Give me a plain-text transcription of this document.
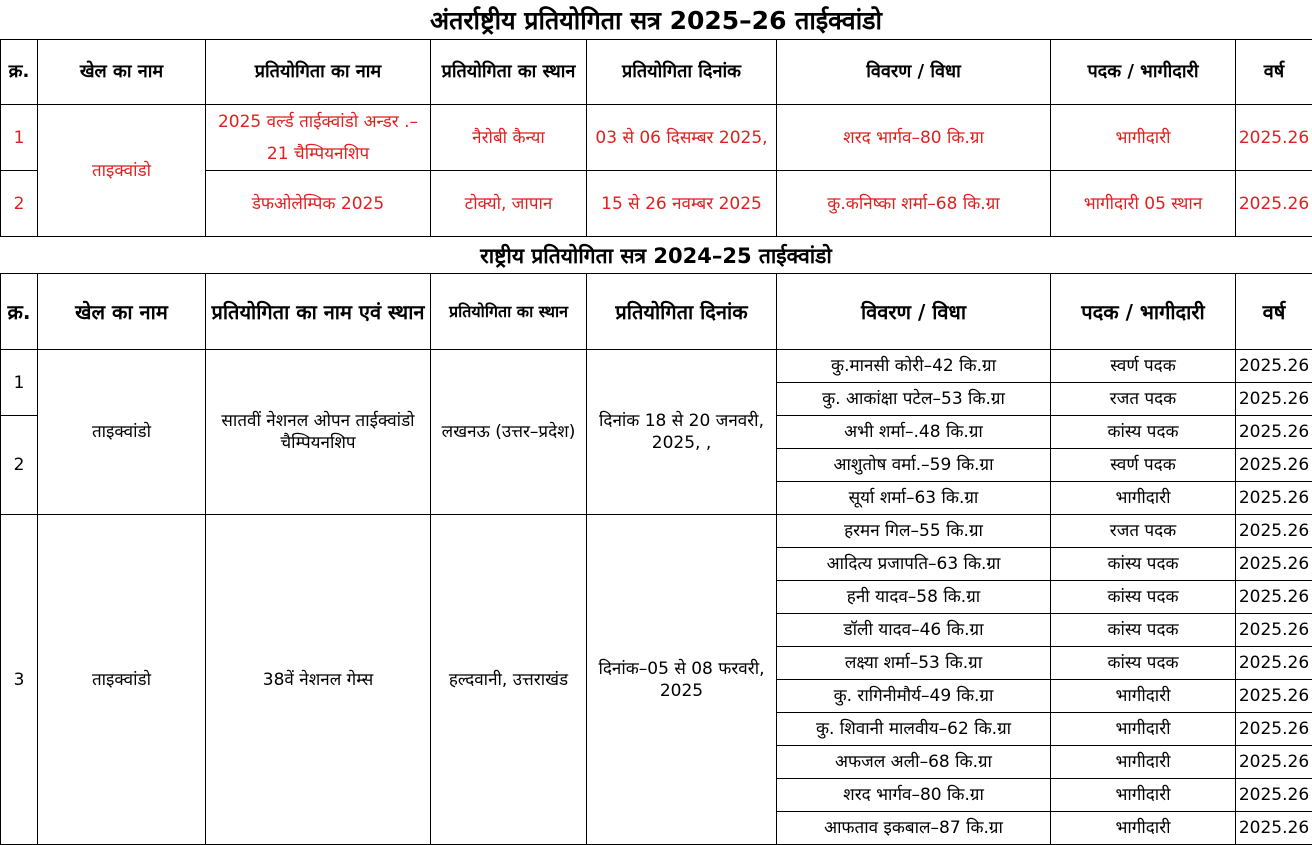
अंतर्राष्ट्रीय प्रतियोगिता सत्र 2025–26 ताईक्वांडो
क्र.	खेल का नाम	प्रतियोगिता का नाम	प्रतियोगिता का स्थान	प्रतियोगिता दिनांक	विवरण / विधा	पदक / भागीदारी	वर्ष
1	ताइक्वांडो	2025 वर्ल्ड ताईक्वांडो अन्डर .–21 चैम्पियनशिप	नैरोबी कैन्या	03 से 06 दिसम्बर 2025,	शरद भार्गव–80 कि.ग्रा	भागीदारी	2025.26
2		डेफओलेम्पिक 2025	टोक्यो, जापान	15 से 26 नवम्बर 2025	कु.कनिष्का शर्मा–68 कि.ग्रा	भागीदारी 05 स्थान	2025.26
राष्ट्रीय प्रतियोगिता सत्र 2024–25 ताईक्वांडो
क्र.	खेल का नाम	प्रतियोगिता का नाम एवं स्थान	प्रतियोगिता का स्थान	प्रतियोगिता दिनांक	विवरण / विधा	पदक / भागीदारी	वर्ष
1	ताइक्वांडो	सातवीं नेशनल ओपन ताईक्वांडो चैम्पियनशिप	लखनऊ (उत्तर–प्रदेश)	दिनांक 18 से 20 जनवरी, 2025, ,	कु.मानसी कोरी–42 कि.ग्रा	स्वर्ण पदक	2025.26
					कु. आकांक्षा पटेल–53 कि.ग्रा	रजत पदक	2025.26
2					अभी शर्मा–.48 कि.ग्रा	कांस्य पदक	2025.26
					आशुतोष वर्मा.–59 कि.ग्रा	स्वर्ण पदक	2025.26
					सूर्या शर्मा–63 कि.ग्रा	भागीदारी	2025.26
3	ताइक्वांडो	38वें नेशनल गेम्स	हल्दवानी, उत्तराखंड	दिनांक–05 से 08 फरवरी, 2025	हरमन गिल–55 कि.ग्रा	रजत पदक	2025.26
					आदित्य प्रजापति–63 कि.ग्रा	कांस्य पदक	2025.26
					हनी यादव–58 कि.ग्रा	कांस्य पदक	2025.26
					डॉली यादव–46 कि.ग्रा	कांस्य पदक	2025.26
					लक्ष्या शर्मा–53 कि.ग्रा	कांस्य पदक	2025.26
					कु. रागिनीमौर्य–49 कि.ग्रा	भागीदारी	2025.26
					कु. शिवानी मालवीय–62 कि.ग्रा	भागीदारी	2025.26
					अफजल अली–68 कि.ग्रा	भागीदारी	2025.26
					शरद भार्गव–80 कि.ग्रा	भागीदारी	2025.26
					आफताव इकबाल–87 कि.ग्रा	भागीदारी	2025.26
